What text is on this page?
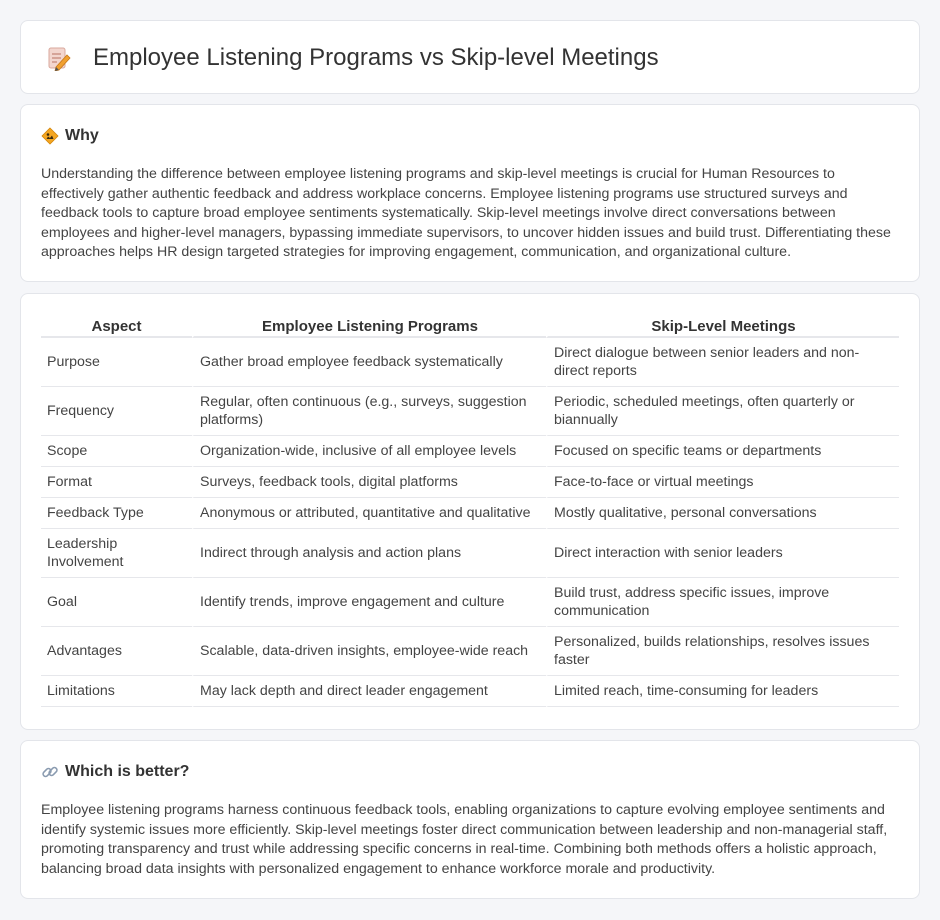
Employee Listening Programs vs Skip-level Meetings
Why

Understanding the difference between employee listening programs and skip-level meetings is crucial for Human Resources to effectively gather authentic feedback and address workplace concerns. Employee listening programs use structured surveys and feedback tools to capture broad employee sentiments systematically. Skip-level meetings involve direct conversations between employees and higher-level managers, bypassing immediate supervisors, to uncover hidden issues and build trust. Differentiating these approaches helps HR design targeted strategies for improving engagement, communication, and organizational culture.

Aspect	Employee Listening Programs	Skip-Level Meetings
Purpose	Gather broad employee feedback systematically	Direct dialogue between senior leaders and non-direct reports
Frequency	Regular, often continuous (e.g., surveys, suggestion platforms)	Periodic, scheduled meetings, often quarterly or biannually
Scope	Organization-wide, inclusive of all employee levels	Focused on specific teams or departments
Format	Surveys, feedback tools, digital platforms	Face-to-face or virtual meetings
Feedback Type	Anonymous or attributed, quantitative and qualitative	Mostly qualitative, personal conversations
Leadership Involvement	Indirect through analysis and action plans	Direct interaction with senior leaders
Goal	Identify trends, improve engagement and culture	Build trust, address specific issues, improve communication
Advantages	Scalable, data-driven insights, employee-wide reach	Personalized, builds relationships, resolves issues faster
Limitations	May lack depth and direct leader engagement	Limited reach, time-consuming for leaders
Which is better?

Employee listening programs harness continuous feedback tools, enabling organizations to capture evolving employee sentiments and identify systemic issues more efficiently. Skip-level meetings foster direct communication between leadership and non-managerial staff, promoting transparency and trust while addressing specific concerns in real-time. Combining both methods offers a holistic approach, balancing broad data insights with personalized engagement to enhance workforce morale and productivity.
